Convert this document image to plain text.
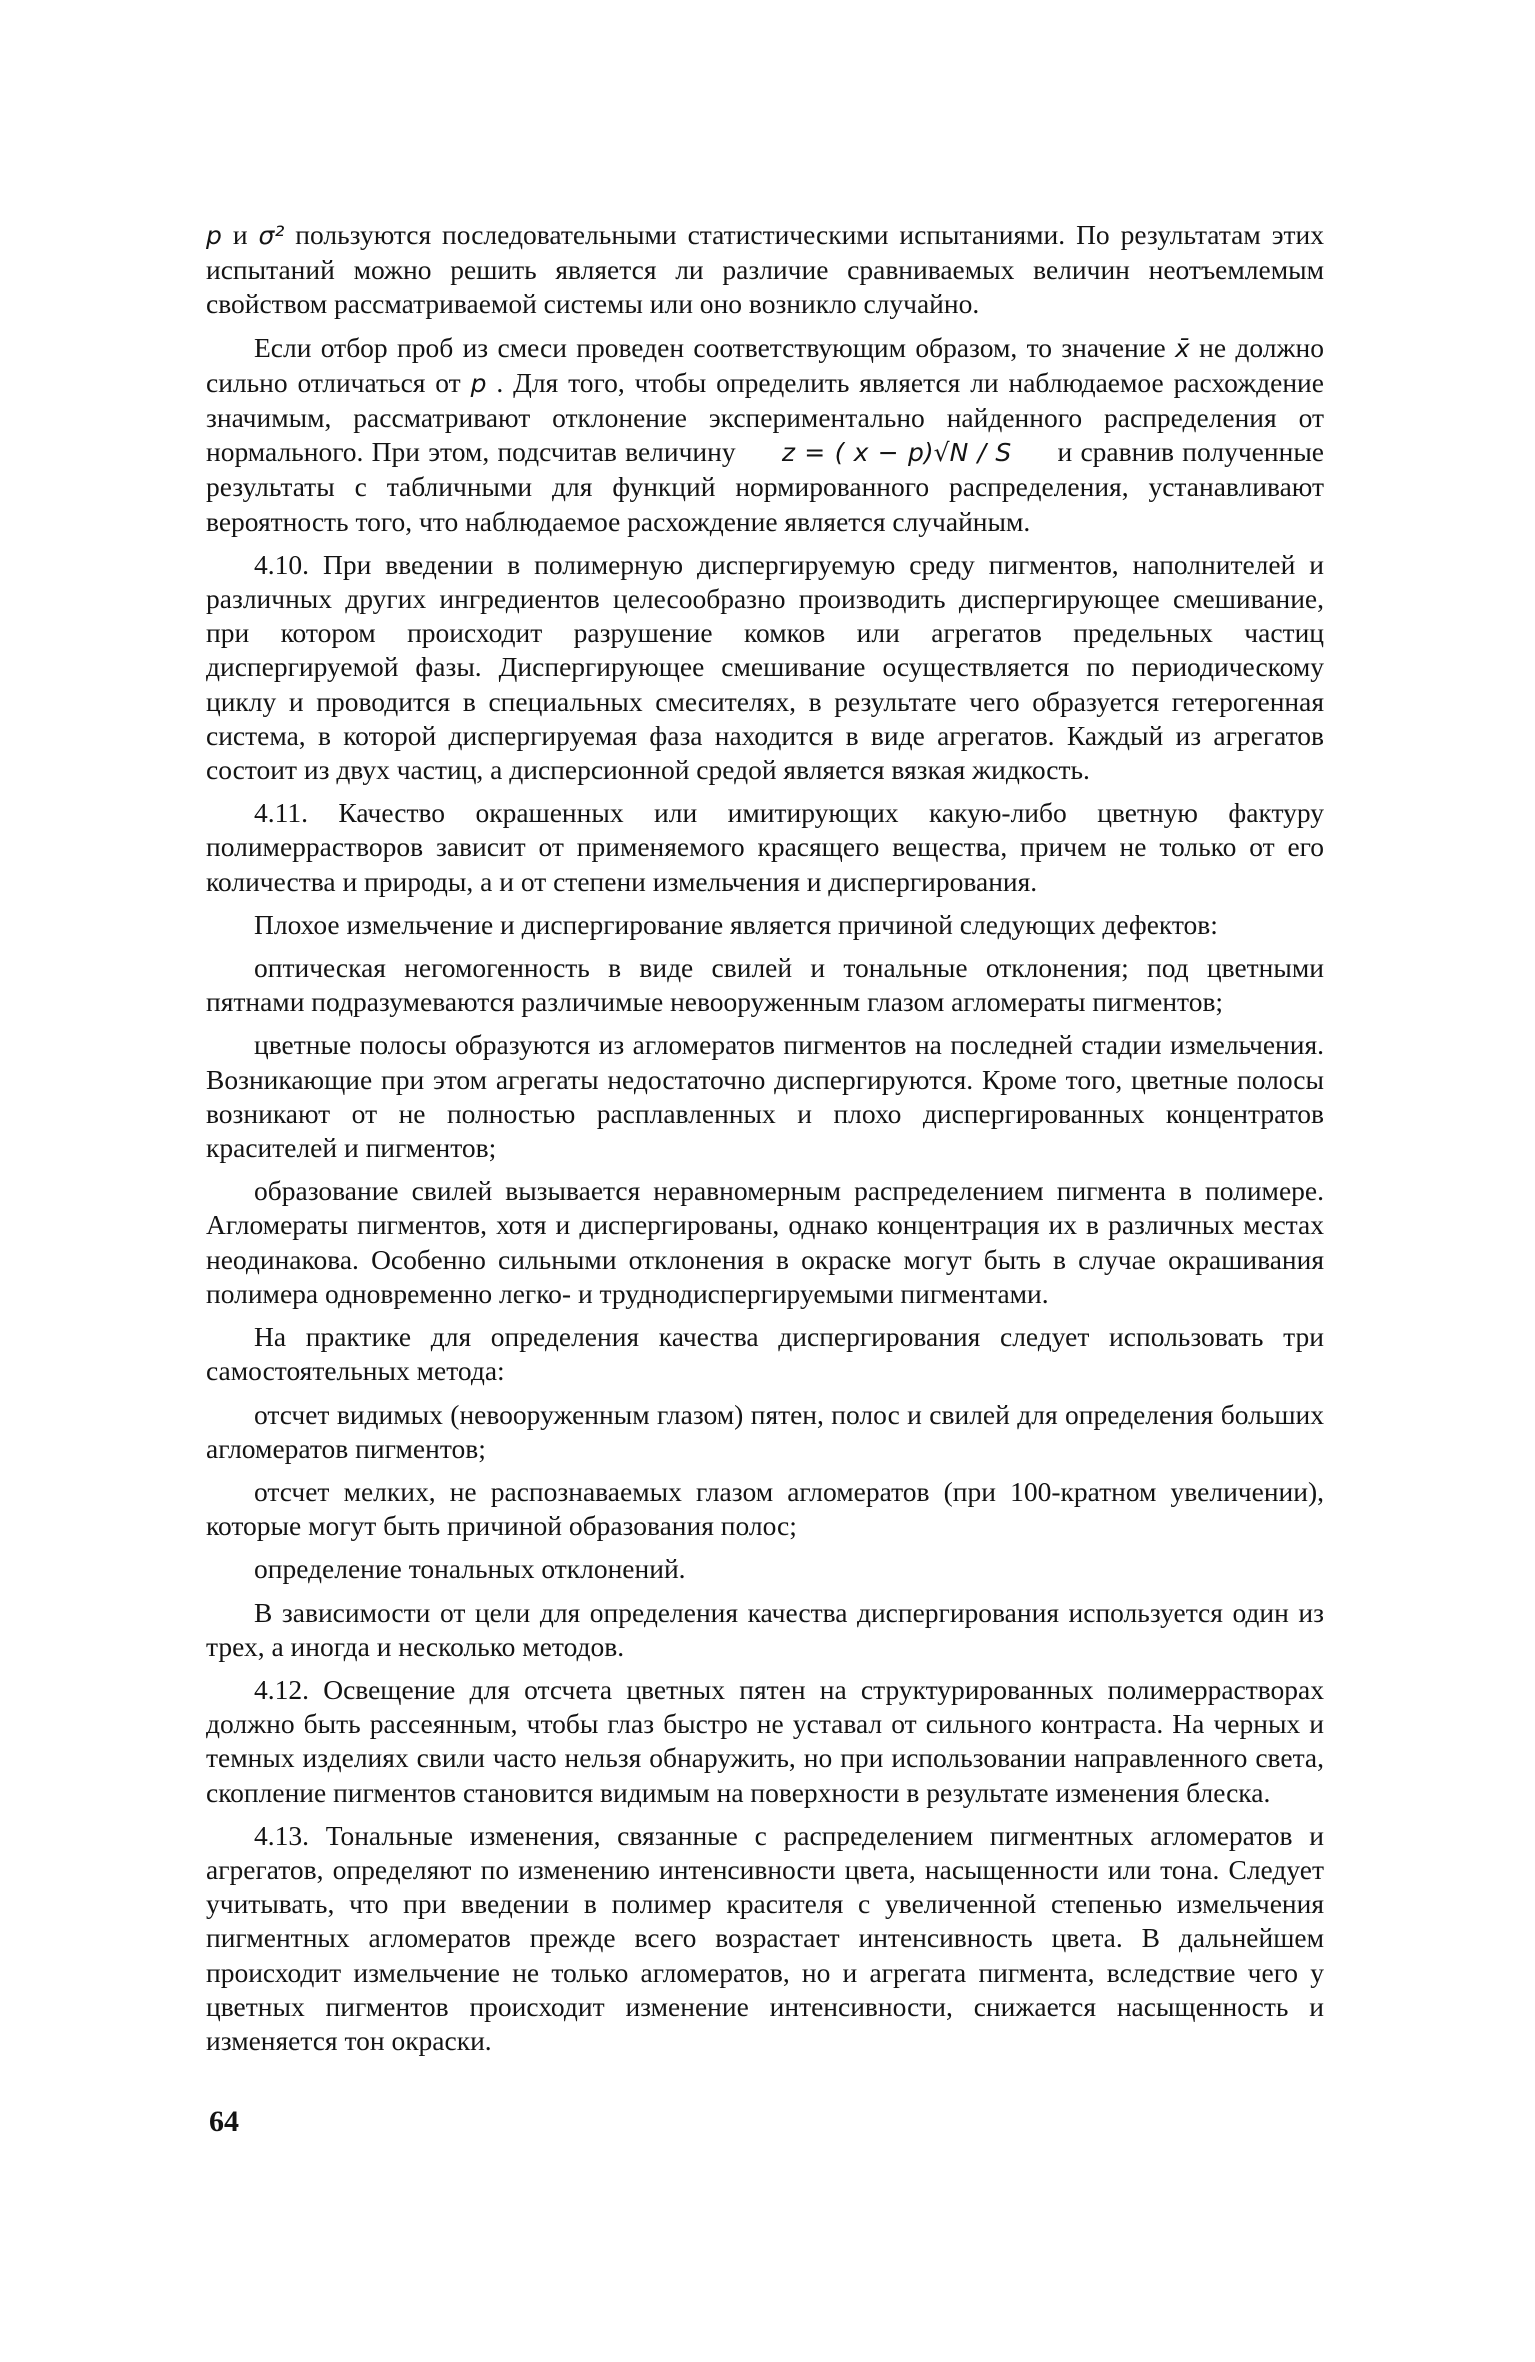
p и σ² пользуются последовательными статистическими испытаниями. По результатам этих испытаний можно решить является ли различие сравниваемых величин неотъемлемым свойством рассматриваемой системы или оно возникло случайно.

Если отбор проб из смеси проведен соответствующим образом, то значение x̄ не должно сильно отличаться от p . Для того, чтобы определить является ли наблюдаемое расхождение значимым, рассматривают отклонение экспериментально найденного распределения от нормального. При этом, подсчитав величину z = ( x − p)√N / S и сравнив полученные результаты с табличными для функций нормированного распределения, устанавливают вероятность того, что наблюдаемое расхождение является случайным.

4.10. При введении в полимерную диспергируемую среду пигментов, наполнителей и различных других ингредиентов целесообразно производить диспергирующее смешивание, при котором происходит разрушение комков или агрегатов предельных частиц диспергируемой фазы. Диспергирующее смешивание осуществляется по периодическому циклу и проводится в специальных смесителях, в результате чего образуется гетерогенная система, в которой диспергируемая фаза находится в виде агрегатов. Каждый из агрегатов состоит из двух частиц, а дисперсионной средой является вязкая жидкость.

4.11. Качество окрашенных или имитирующих какую-либо цветную фактуру полимеррастворов зависит от применяемого красящего вещества, причем не только от его количества и природы, а и от степени измельчения и диспергирования.

Плохое измельчение и диспергирование является причиной следующих дефектов:

оптическая негомогенность в виде свилей и тональные отклонения; под цветными пятнами подразумеваются различимые невооруженным глазом агломераты пигментов;

цветные полосы образуются из агломератов пигментов на последней стадии измельчения. Возникающие при этом агрегаты недостаточно диспергируются. Кроме того, цветные полосы возникают от не полностью расплавленных и плохо диспергированных концентратов красителей и пигментов;

образование свилей вызывается неравномерным распределением пигмента в полимере. Агломераты пигментов, хотя и диспергированы, однако концентрация их в различных местах неодинакова. Особенно сильными отклонения в окраске могут быть в случае окрашивания полимера одновременно легко- и труднодиспергируемыми пигментами.

На практике для определения качества диспергирования следует использовать три самостоятельных метода:

отсчет видимых (невооруженным глазом) пятен, полос и свилей для определения больших агломератов пигментов;

отсчет мелких, не распознаваемых глазом агломератов (при 100-кратном увеличении), которые могут быть причиной образования полос;

определение тональных отклонений.

В зависимости от цели для определения качества диспергирования используется один из трех, а иногда и несколько методов.

4.12. Освещение для отсчета цветных пятен на структурированных полимеррастворах должно быть рассеянным, чтобы глаз быстро не уставал от сильного контраста. На черных и темных изделиях свили часто нельзя обнаружить, но при использовании направленного света, скопление пигментов становится видимым на поверхности в результате изменения блеска.

4.13. Тональные изменения, связанные с распределением пигментных агломератов и агрегатов, определяют по изменению интенсивности цвета, насыщенности или тона. Следует учитывать, что при введении в полимер красителя с увеличенной степенью измельчения пигментных агломератов прежде всего возрастает интенсивность цвета. В дальнейшем происходит измельчение не только агломератов, но и агрегата пигмента, вследствие чего у цветных пигментов происходит изменение интенсивности, снижается насыщенность и изменяется тон окраски.

64
